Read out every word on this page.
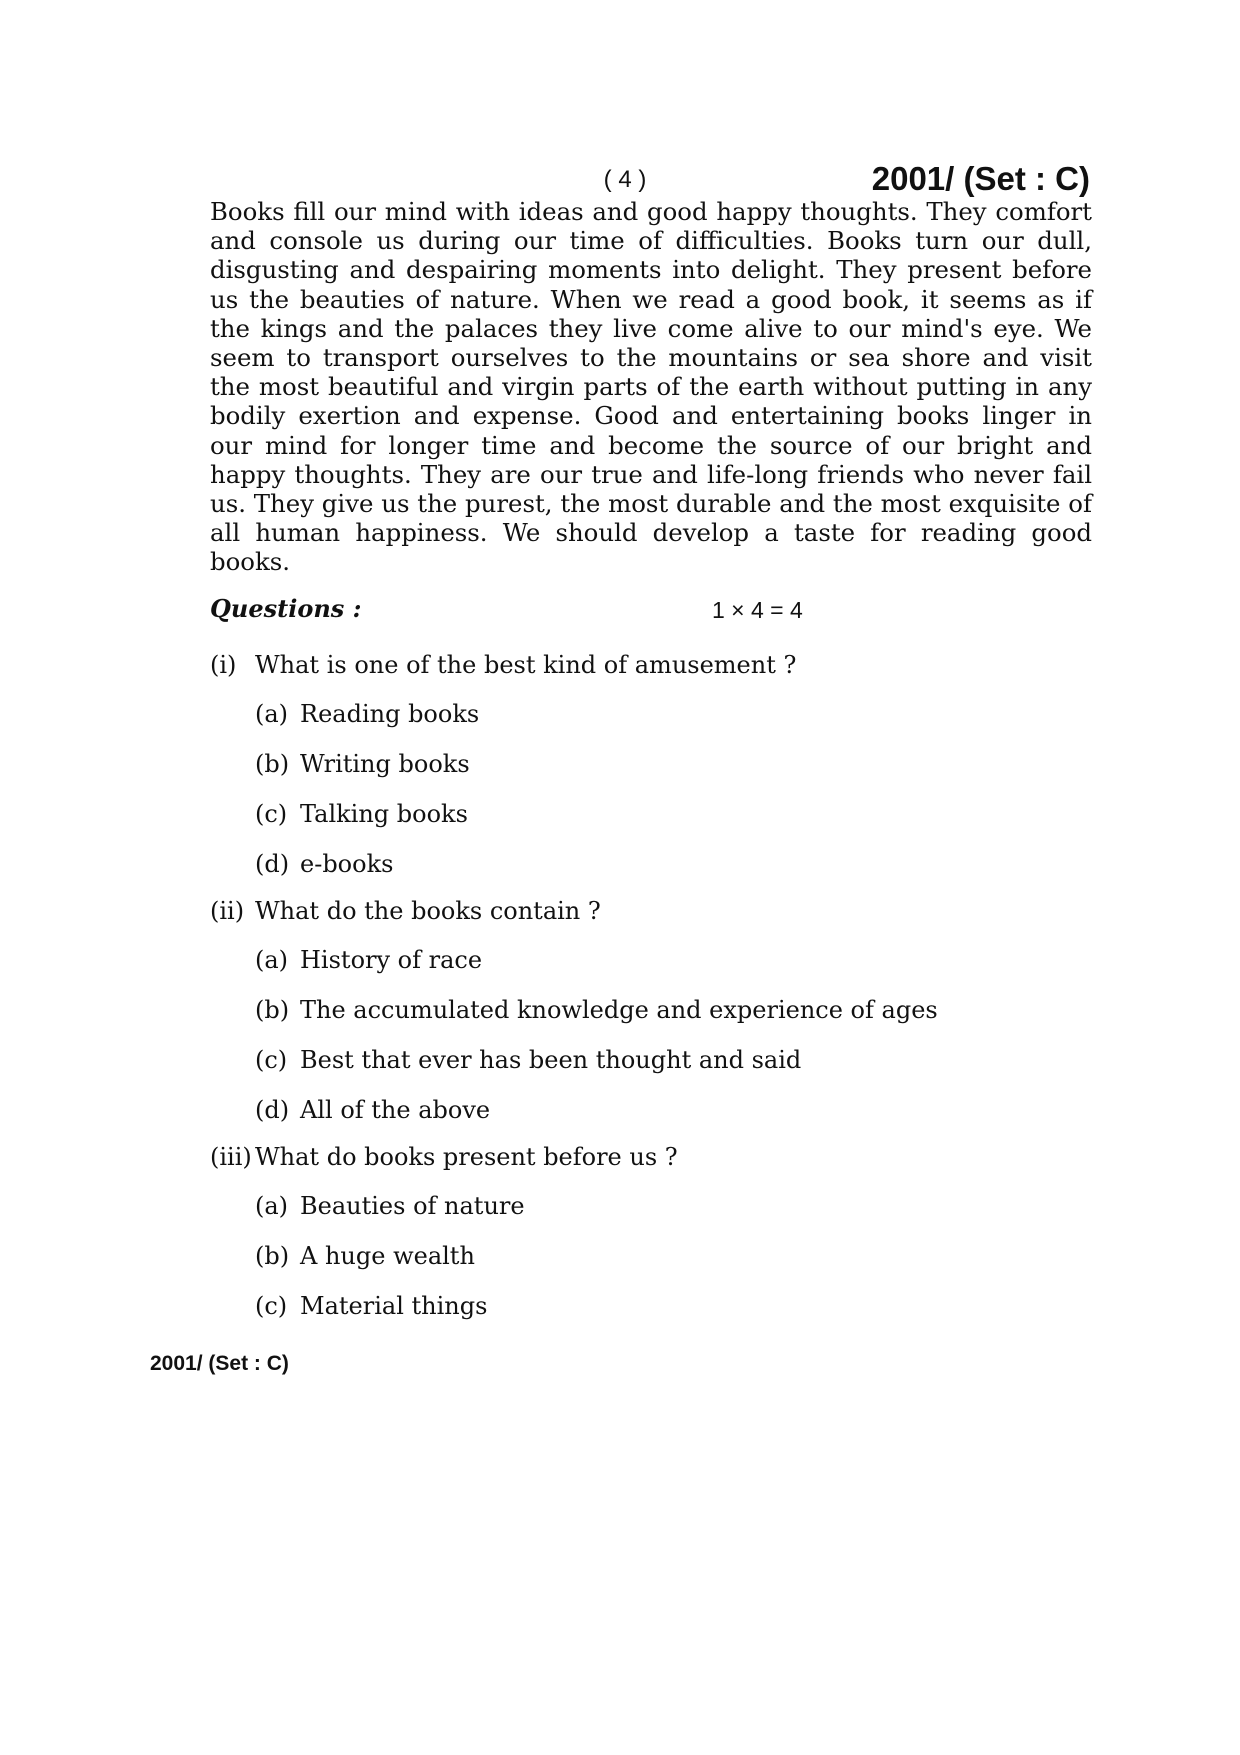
( 4 )	2001/ (Set : C)

Books fill our mind with ideas and good happy thoughts. They comfort and console us during our time of difficulties. Books turn our dull, disgusting and despairing moments into delight. They present before us the beauties of nature. When we read a good book, it seems as if the kings and the palaces they live come alive to our mind's eye. We seem to transport ourselves to the mountains or sea shore and visit the most beautiful and virgin parts of the earth without putting in any bodily exertion and expense. Good and entertaining books linger in our mind for longer time and become the source of our bright and happy thoughts. They are our true and life-long friends who never fail us. They give us the purest, the most durable and the most exquisite of all human happiness. We should develop a taste for reading good books.

Questions :	1 × 4 = 4
(i) What is one of the best kind of amusement ?
(a) Reading books
(b) Writing books
(c) Talking books
(d) e-books
(ii) What do the books contain ?
(a) History of race
(b) The accumulated knowledge and experience of ages
(c) Best that ever has been thought and said
(d) All of the above
(iii) What do books present before us ?
(a) Beauties of nature
(b) A huge wealth
(c) Material things
2001/ (Set : C)
